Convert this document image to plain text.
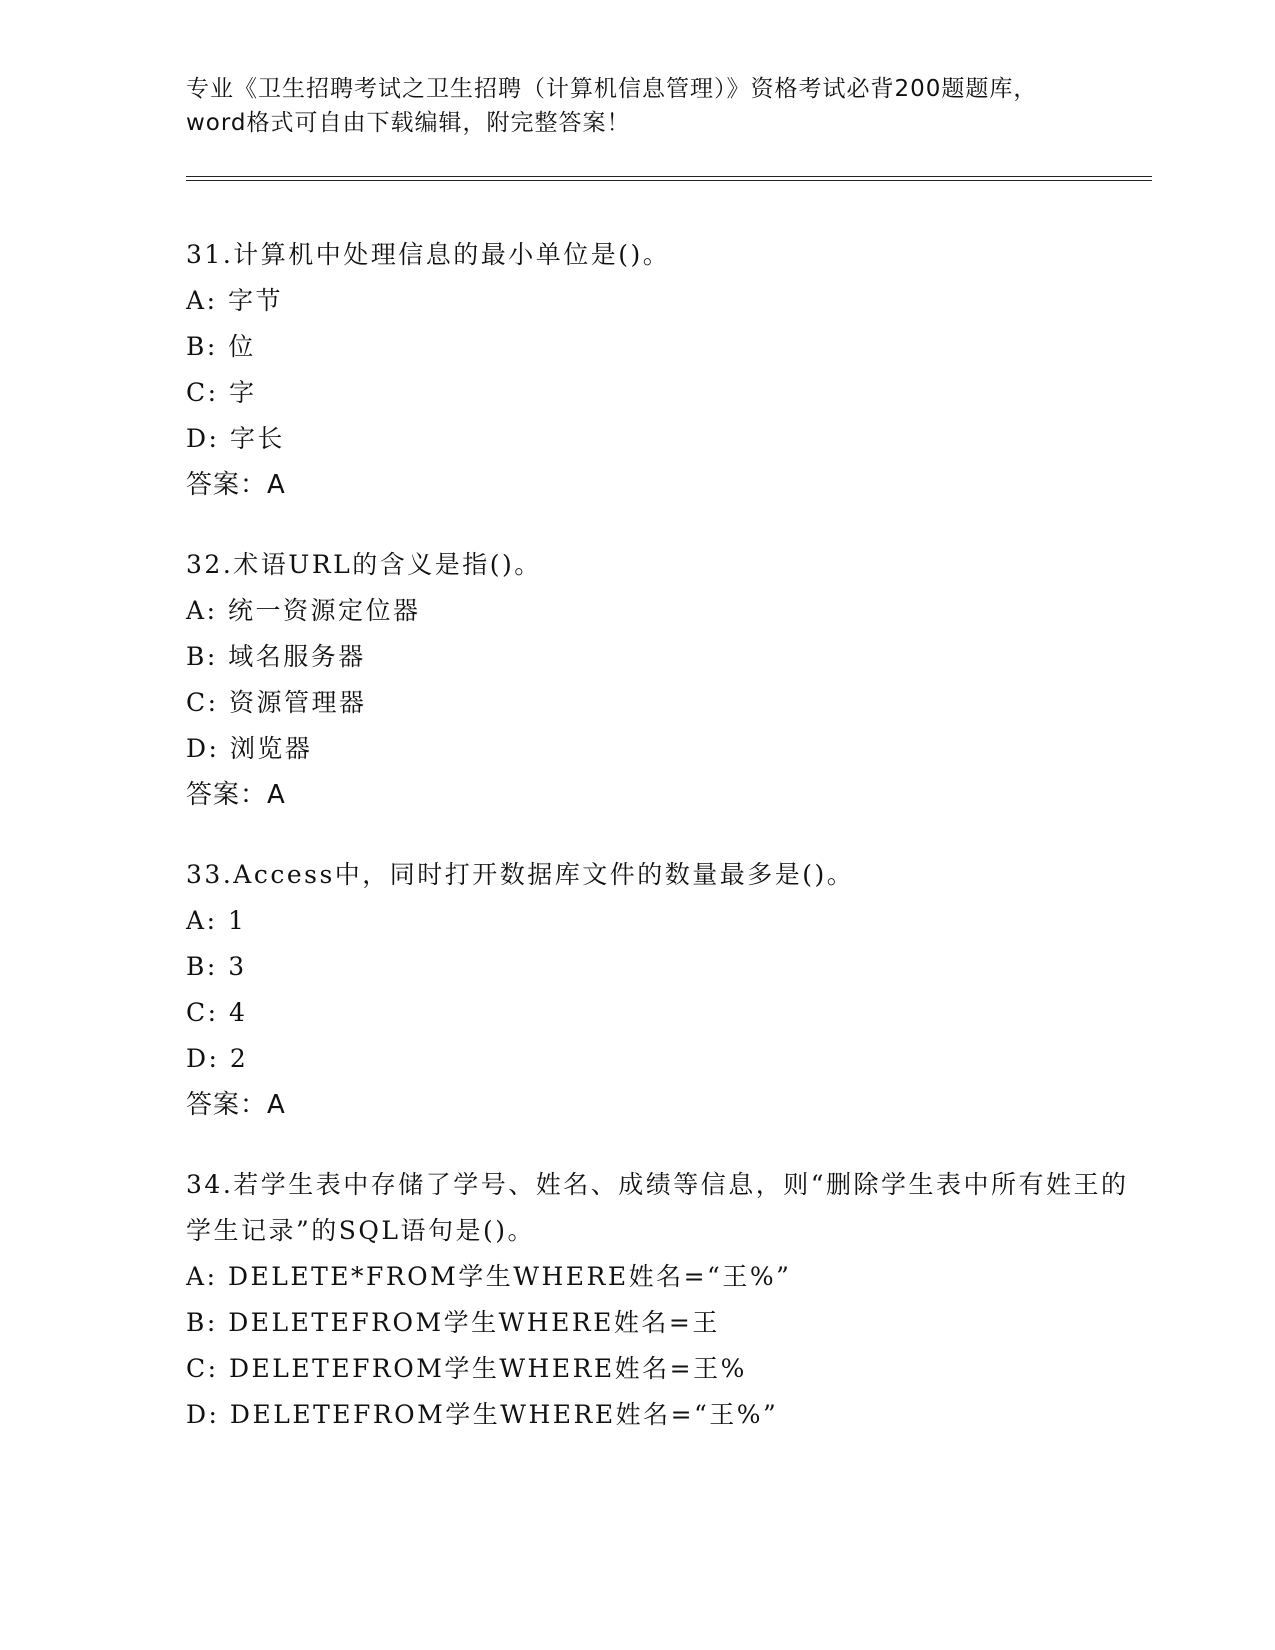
专业《卫生招聘考试之卫生招聘（计算机信息管理）》资格考试必背200题题库，

word格式可自由下载编辑，附完整答案！

31 . 计算机中处理信息的最小单位是()。

A : 字节

B : 位

C : 字

D : 字长

答案：A

32 . 术语URL的含义是指()。

A : 统一资源定位器

B : 域名服务器

C : 资源管理器

D : 浏览器

答案：A

33 . Access中，同时打开数据库文件的数量最多是()。

A : 1

B : 3

C : 4

D : 2

答案：A

34 . 若学生表中存储了学号、姓名、成绩等信息，则“删除学生表中所有姓王的学生记录”的SQL语句是()。

A : DELETE*FROM学生WHERE姓名=“王%”

B : DELETEFROM学生WHERE姓名=王

C : DELETEFROM学生WHERE姓名=王%

D : DELETEFROM学生WHERE姓名=“王%”
